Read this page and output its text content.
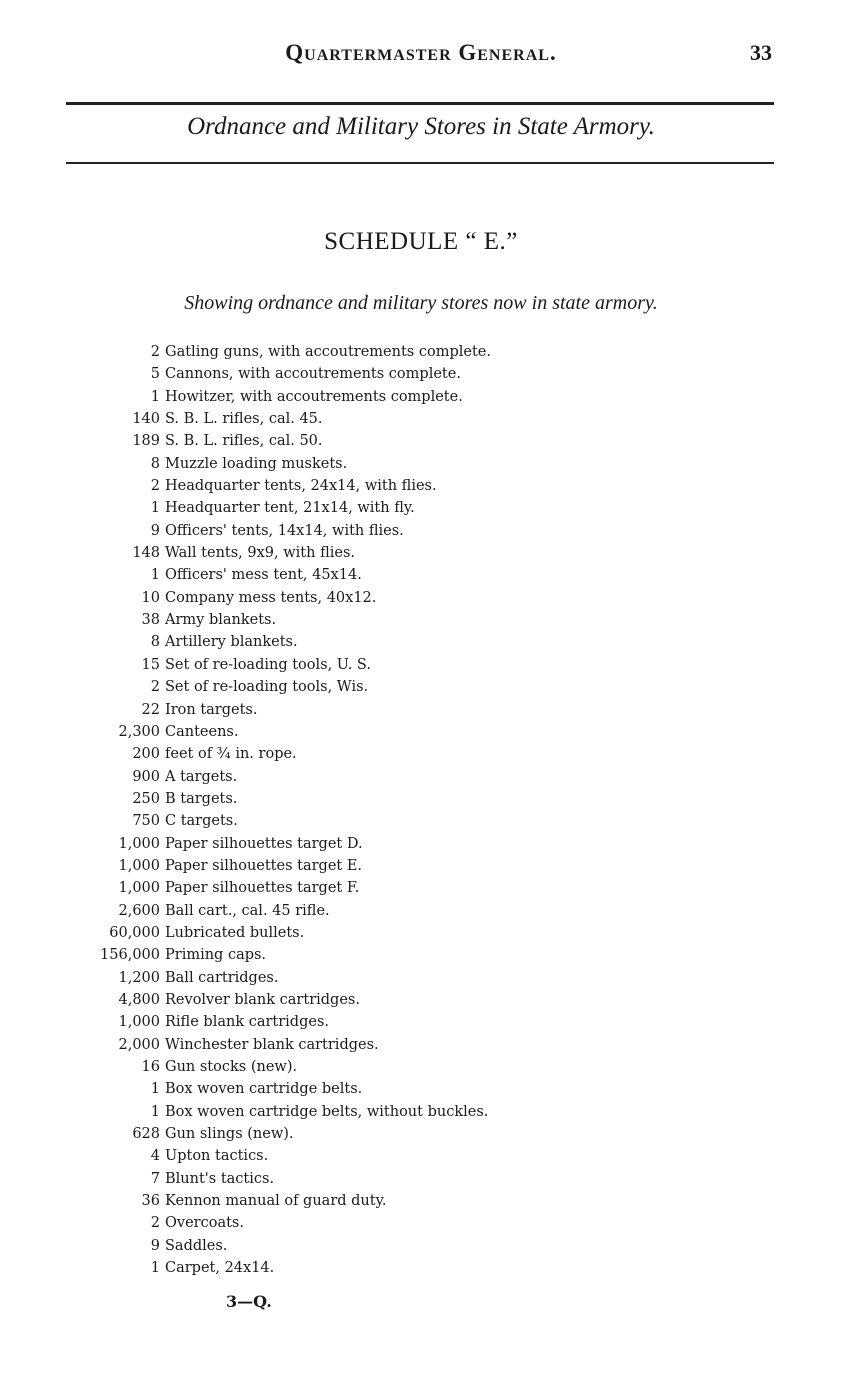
Quartermaster General.	33
Ordnance and Military Stores in State Armory.
SCHEDULE “ E.”
Showing ordnance and military stores now in state armory.
2 Gatling guns, with accoutrements complete.
5 Cannons, with accoutrements complete.
1 Howitzer, with accoutrements complete.
140 S. B. L. rifles, cal. 45.
189 S. B. L. rifles, cal. 50.
8 Muzzle loading muskets.
2 Headquarter tents, 24x14, with flies.
1 Headquarter tent, 21x14, with fly.
9 Officers' tents, 14x14, with flies.
148 Wall tents, 9x9, with flies.
1 Officers' mess tent, 45x14.
10 Company mess tents, 40x12.
38 Army blankets.
8 Artillery blankets.
15 Set of re-loading tools, U. S.
2 Set of re-loading tools, Wis.
22 Iron targets.
2,300 Canteens.
200 feet of ¾ in. rope.
900 A targets.
250 B targets.
750 C targets.
1,000 Paper silhouettes target D.
1,000 Paper silhouettes target E.
1,000 Paper silhouettes target F.
2,600 Ball cart., cal. 45 rifle.
60,000 Lubricated bullets.
156,000 Priming caps.
1,200 Ball cartridges.
4,800 Revolver blank cartridges.
1,000 Rifle blank cartridges.
2,000 Winchester blank cartridges.
16 Gun stocks (new).
1 Box woven cartridge belts.
1 Box woven cartridge belts, without buckles.
628 Gun slings (new).
4 Upton tactics.
7 Blunt's tactics.
36 Kennon manual of guard duty.
2 Overcoats.
9 Saddles.
1 Carpet, 24x14.
3—Q.
